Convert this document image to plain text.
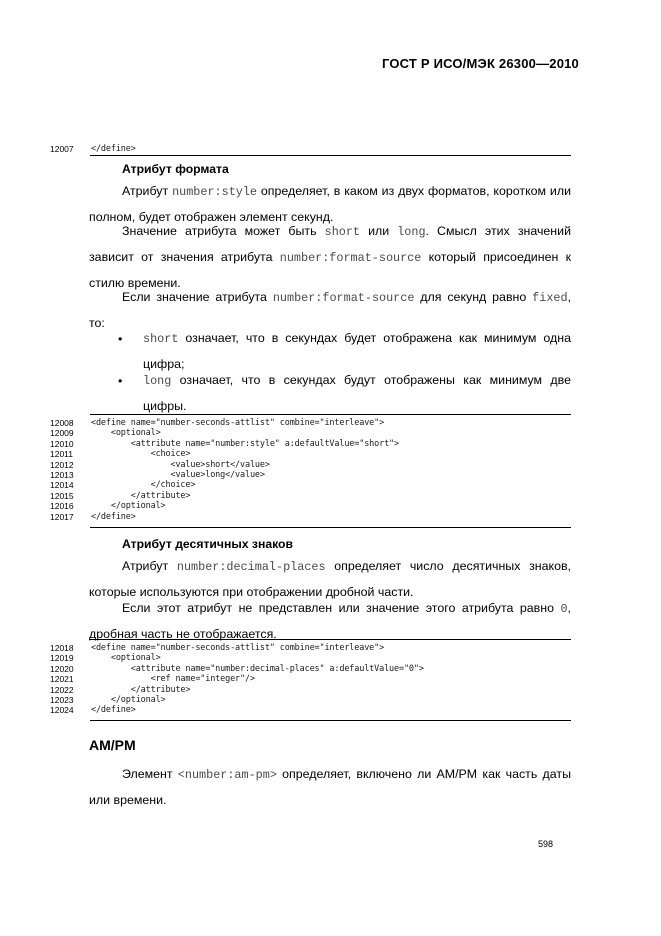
ГОСТ Р ИСО/МЭК 26300—2010
12007	</define>
Атрибут формата
Атрибут number:style определяет, в каком из двух форматов, коротком или полном, будет отображен элемент секунд.
Значение атрибута может быть short или long. Смысл этих значений зависит от значения атрибута number:format-source который присоединен к стилю времени.
Если значение атрибута number:format-source для секунд равно fixed, то:
• short означает, что в секундах будет отображена как минимум одна цифра;
• long означает, что в секундах будут отображены как минимум две цифры.
12008	<define name="number-seconds-attlist" combine="interleave">
12009	<optional>
12010	<attribute name="number:style" a:defaultValue="short">
12011	<choice>
12012	<value>short</value>
12013	<value>long</value>
12014	</choice>
12015	</attribute>
12016	</optional>
12017	</define>
Атрибут десятичных знаков
Атрибут number:decimal-places определяет число десятичных знаков, которые используются при отображении дробной части.
Если этот атрибут не представлен или значение этого атрибута равно 0, дробная часть не отображается.
12018	<define name="number-seconds-attlist" combine="interleave">
12019	<optional>
12020	<attribute name="number:decimal-places" a:defaultValue="0">
12021	<ref name="integer"/>
12022	</attribute>
12023	</optional>
12024	</define>
AM/PM
Элемент <number:am-pm> определяет, включено ли AM/PM как часть даты или времени.
598
